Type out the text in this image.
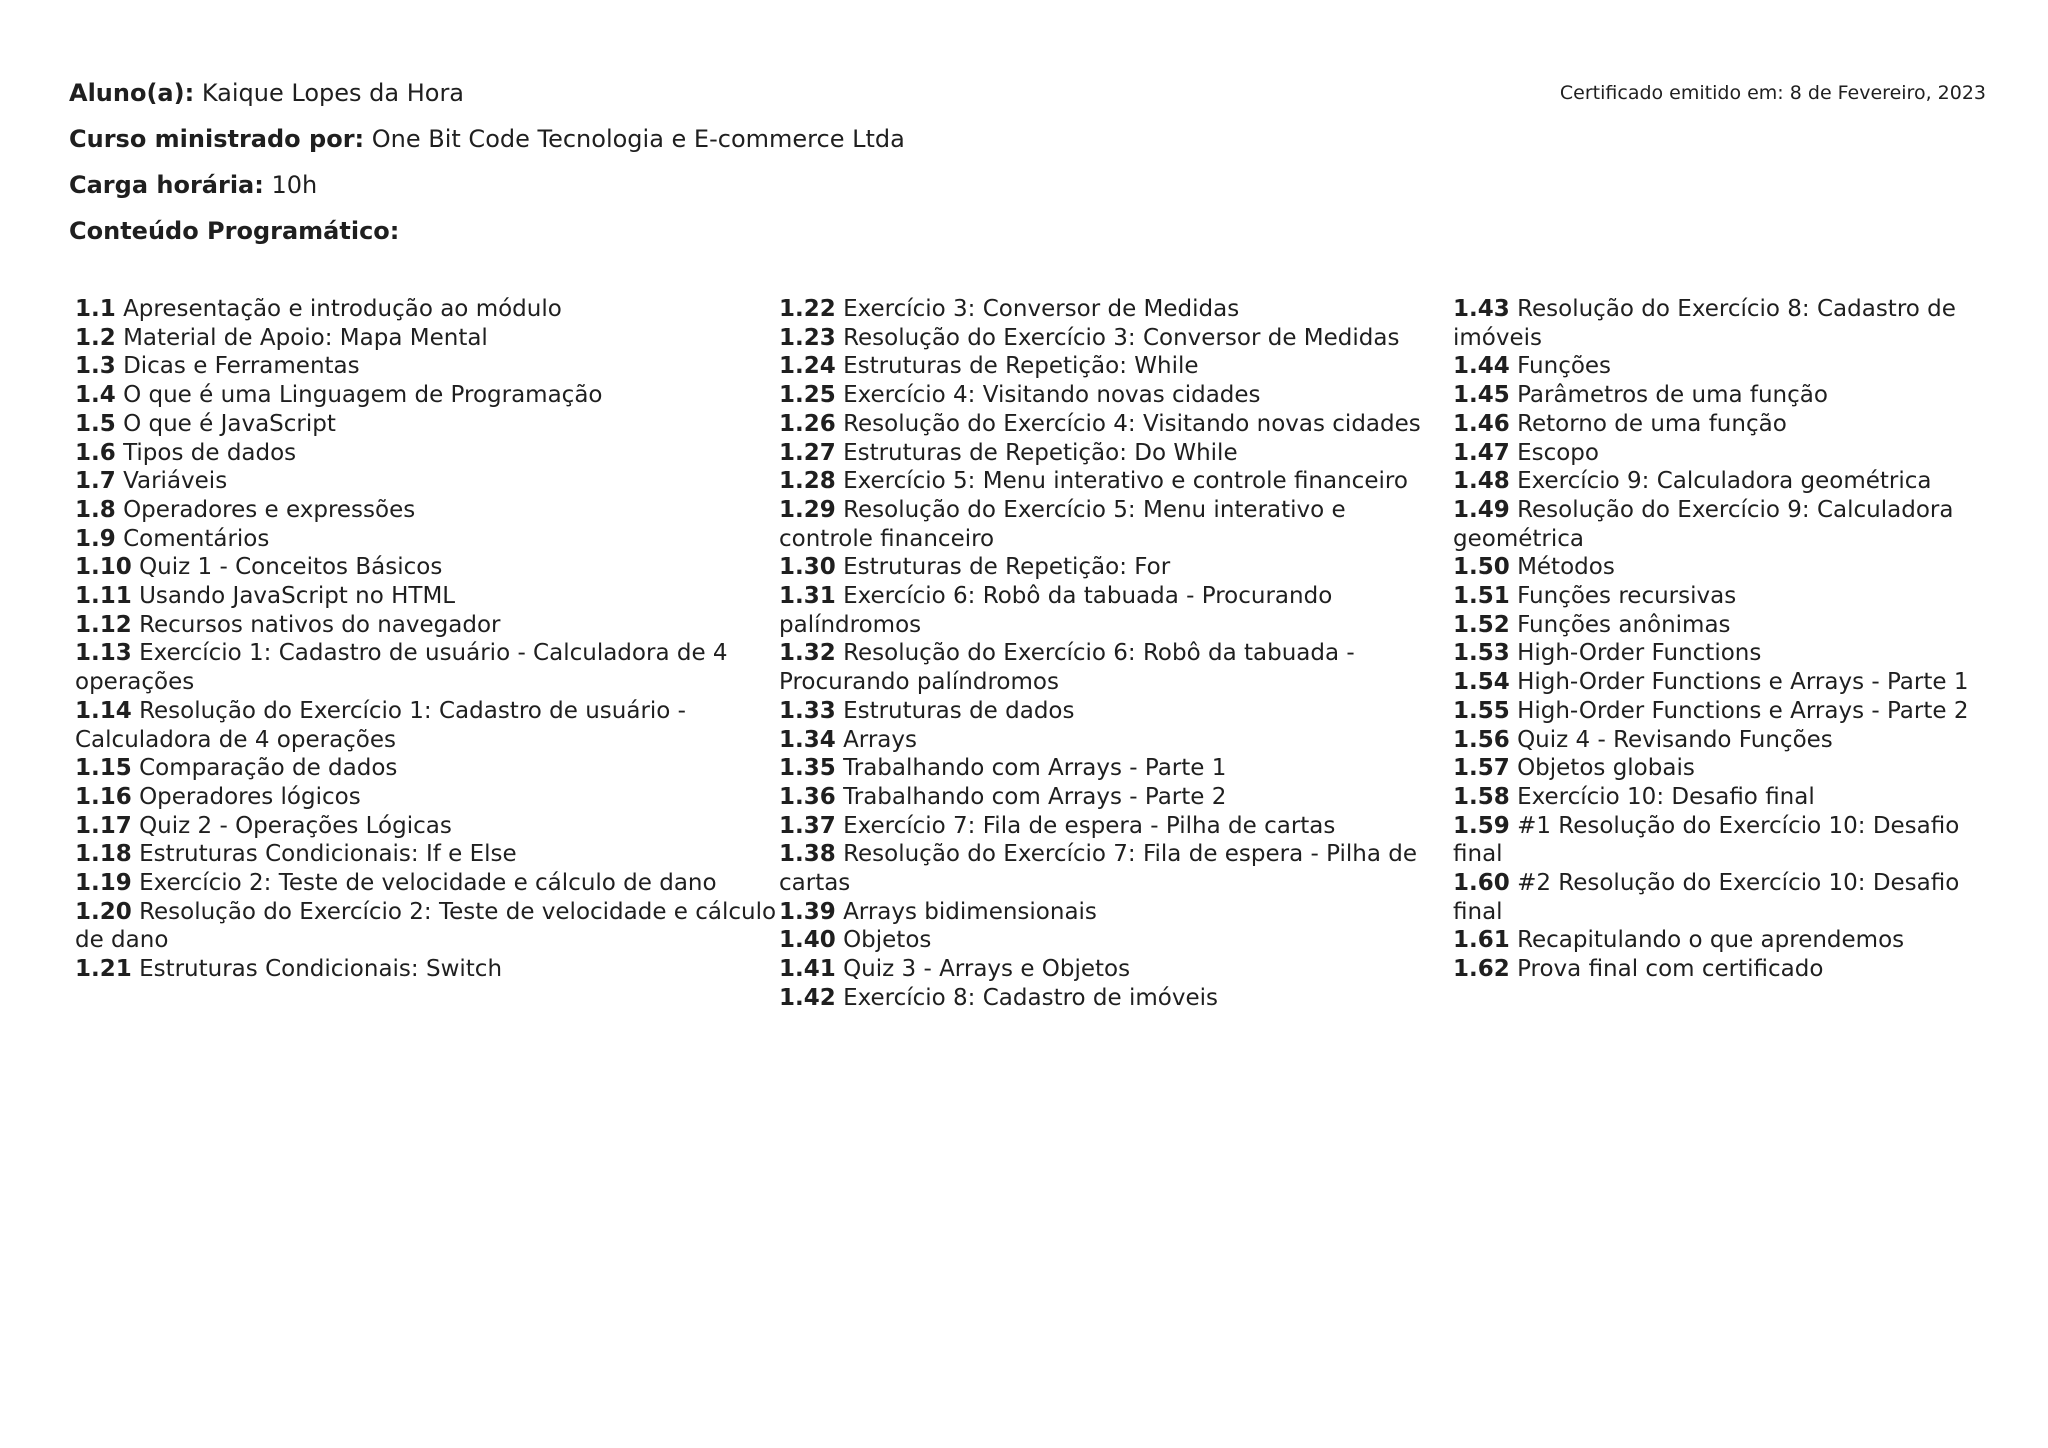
Aluno(a): Kaique Lopes da Hora
Curso ministrado por: One Bit Code Tecnologia e E-commerce Ltda
Carga horária: 10h
Conteúdo Programático:
Certificado emitido em: 8 de Fevereiro, 2023
1.1 Apresentação e introdução ao módulo
1.2 Material de Apoio: Mapa Mental
1.3 Dicas e Ferramentas
1.4 O que é uma Linguagem de Programação
1.5 O que é JavaScript
1.6 Tipos de dados
1.7 Variáveis
1.8 Operadores e expressões
1.9 Comentários
1.10 Quiz 1 - Conceitos Básicos
1.11 Usando JavaScript no HTML
1.12 Recursos nativos do navegador
1.13 Exercício 1: Cadastro de usuário - Calculadora de 4 operações
1.14 Resolução do Exercício 1: Cadastro de usuário - Calculadora de 4 operações
1.15 Comparação de dados
1.16 Operadores lógicos
1.17 Quiz 2 - Operações Lógicas
1.18 Estruturas Condicionais: If e Else
1.19 Exercício 2: Teste de velocidade e cálculo de dano
1.20 Resolução do Exercício 2: Teste de velocidade e cálculo de dano
1.21 Estruturas Condicionais: Switch
1.22 Exercício 3: Conversor de Medidas
1.23 Resolução do Exercício 3: Conversor de Medidas
1.24 Estruturas de Repetição: While
1.25 Exercício 4: Visitando novas cidades
1.26 Resolução do Exercício 4: Visitando novas cidades
1.27 Estruturas de Repetição: Do While
1.28 Exercício 5: Menu interativo e controle financeiro
1.29 Resolução do Exercício 5: Menu interativo e controle financeiro
1.30 Estruturas de Repetição: For
1.31 Exercício 6: Robô da tabuada - Procurando palíndromos
1.32 Resolução do Exercício 6: Robô da tabuada - Procurando palíndromos
1.33 Estruturas de dados
1.34 Arrays
1.35 Trabalhando com Arrays - Parte 1
1.36 Trabalhando com Arrays - Parte 2
1.37 Exercício 7: Fila de espera - Pilha de cartas
1.38 Resolução do Exercício 7: Fila de espera - Pilha de cartas
1.39 Arrays bidimensionais
1.40 Objetos
1.41 Quiz 3 - Arrays e Objetos
1.42 Exercício 8: Cadastro de imóveis
1.43 Resolução do Exercício 8: Cadastro de imóveis
1.44 Funções
1.45 Parâmetros de uma função
1.46 Retorno de uma função
1.47 Escopo
1.48 Exercício 9: Calculadora geométrica
1.49 Resolução do Exercício 9: Calculadora geométrica
1.50 Métodos
1.51 Funções recursivas
1.52 Funções anônimas
1.53 High-Order Functions
1.54 High-Order Functions e Arrays - Parte 1
1.55 High-Order Functions e Arrays - Parte 2
1.56 Quiz 4 - Revisando Funções
1.57 Objetos globais
1.58 Exercício 10: Desafio final
1.59 #1 Resolução do Exercício 10: Desafio final
1.60 #2 Resolução do Exercício 10: Desafio final
1.61 Recapitulando o que aprendemos
1.62 Prova final com certificado
